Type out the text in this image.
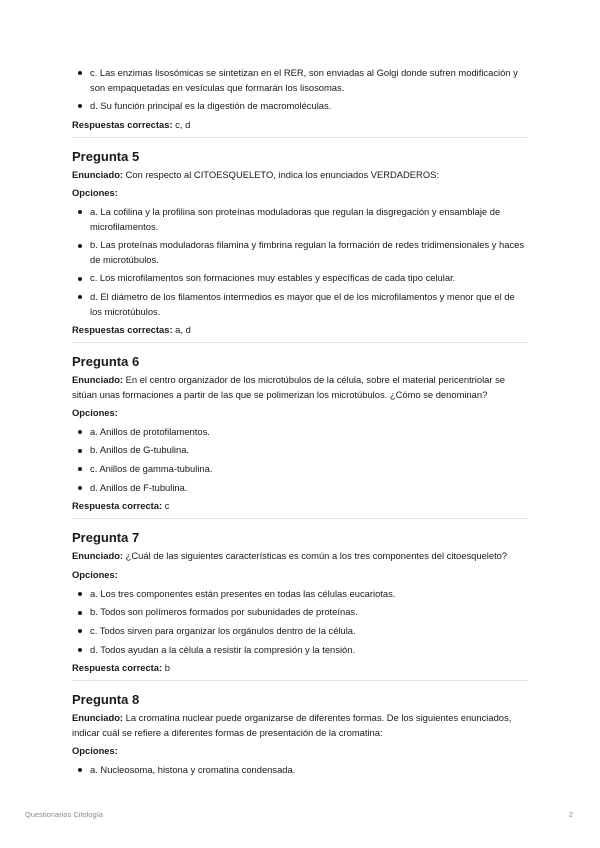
c. Las enzimas lisosómicas se sintetizan en el RER, son enviadas al Golgi donde sufren modificación y son empaquetadas en vesículas que formarán los lisosomas.
d. Su función principal es la digestión de macromoléculas.
Respuestas correctas: c, d
Pregunta 5
Enunciado: Con respecto al CITOESQUELETO, indica los enunciados VERDADEROS:
Opciones:
a. La cofilina y la profilina son proteínas moduladoras que regulan la disgregación y ensamblaje de microfilamentos.
b. Las proteínas moduladoras filamina y fimbrina regulan la formación de redes tridimensionales y haces de microtúbulos.
c. Los microfilamentos son formaciones muy estables y específicas de cada tipo celular.
d. El diámetro de los filamentos intermedios es mayor que el de los microfilamentos y menor que el de los microtúbulos.
Respuestas correctas: a, d
Pregunta 6
Enunciado: En el centro organizador de los microtúbulos de la célula, sobre el material pericentriolar se sitúan unas formaciones a partir de las que se polimerizan los microtúbulos. ¿Cómo se denominan?
Opciones:
a. Anillos de protofilamentos.
b. Anillos de G-tubulina.
c. Anillos de gamma-tubulina.
d. Anillos de F-tubulina.
Respuesta correcta: c
Pregunta 7
Enunciado: ¿Cuál de las siguientes características es común a los tres componentes del citoesqueleto?
Opciones:
a. Los tres componentes están presentes en todas las células eucariotas.
b. Todos son polímeros formados por subunidades de proteínas.
c. Todos sirven para organizar los orgánulos dentro de la célula.
d. Todos ayudan a la célula a resistir la compresión y la tensión.
Respuesta correcta: b
Pregunta 8
Enunciado: La cromatina nuclear puede organizarse de diferentes formas. De los siguientes enunciados, indicar cuál se refiere a diferentes formas de presentación de la cromatina:
Opciones:
a. Nucleosoma, histona y cromatina condensada.
Questionarios Citología	2
